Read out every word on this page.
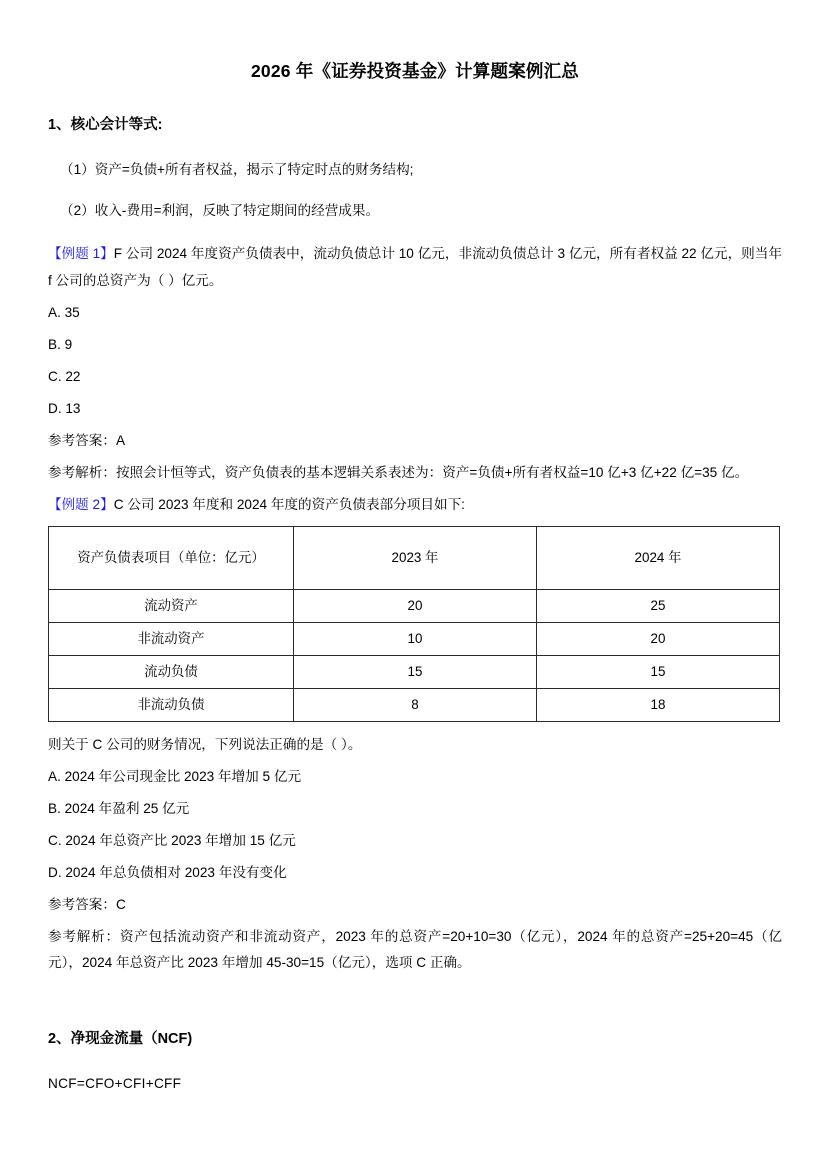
2026 年《证券投资基金》计算题案例汇总
1、核心会计等式:

（1）资产=负债+所有者权益，揭示了特定时点的财务结构;

（2）收入-费用=利润，反映了特定期间的经营成果。

【例题 1】F 公司 2024 年度资产负债表中，流动负债总计 10 亿元，非流动负债总计 3 亿元，所有者权益 22 亿元，则当年 f 公司的总资产为（ ）亿元。

A. 35

B. 9

C. 22

D. 13

参考答案：A

参考解析：按照会计恒等式，资产负债表的基本逻辑关系表述为：资产=负债+所有者权益=10 亿+3 亿+22 亿=35 亿。

【例题 2】C 公司 2023 年度和 2024 年度的资产负债表部分项目如下:

资产负债表项目（单位：亿元）	2023 年	2024 年
流动资产	20	25
非流动资产	10	20
流动负债	15	15
非流动负债	8	18

则关于 C 公司的财务情况，下列说法正确的是（ ）。

A. 2024 年公司现金比 2023 年增加 5 亿元

B. 2024 年盈利 25 亿元

C. 2024 年总资产比 2023 年增加 15 亿元

D. 2024 年总负债相对 2023 年没有变化

参考答案：C

参考解析：资产包括流动资产和非流动资产，2023 年的总资产=20+10=30（亿元），2024 年的总资产=25+20=45（亿元），2024 年总资产比 2023 年增加 45-30=15（亿元），选项 C 正确。

2、净现金流量（NCF)

NCF=CFO+CFI+CFF
